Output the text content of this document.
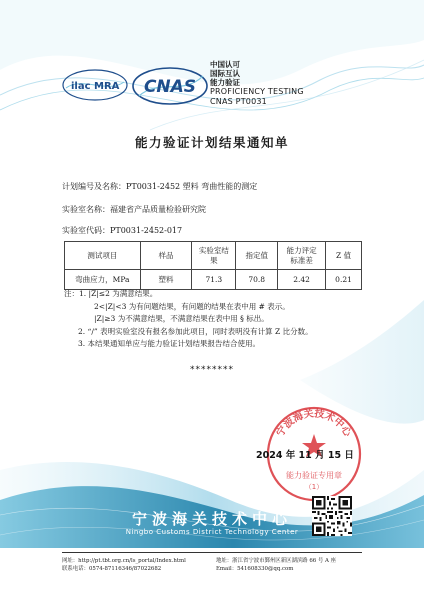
ilac MRA CNAS
中国认可
国际互认
能力验证
PROFICIENCY TESTING
CNAS PT0031
能力验证计划结果通知单
计划编号及名称：PT0031-2452 塑料 弯曲性能的测定
实验室名称：福建省产品质量检验研究院
实验室代码：PT0031-2452-017
测试项目	样品	实验室结果	指定值	能力评定标准差	Z 值
弯曲应力，MPa	塑料	71.3	70.8	2.42	0.21
注：1. |Z|≤2 为满意结果。
2<|Z|<3 为有问题结果，有问题的结果在表中用 # 表示。
|Z|≥3 为不满意结果，不满意结果在表中用 § 标出。
2. “/” 表明实验室没有报名参加此项目，同时表明没有计算 Z 比分数。
3. 本结果通知单应与能力验证计划结果报告结合使用。
********
宁波海关技术中心
能力验证专用章
（1）
2024 年 11 月 15 日
宁波海关技术中心
Ningbo Customs District Technology Center
网址：http://pt.tbt.org.cn/ls_portal/Index.html
联系电话：0574-87116346/87022682
地址：浙江省宁波市鄞州区新区湖滨路 66 号 A 座
Email：541608330@qq.com
